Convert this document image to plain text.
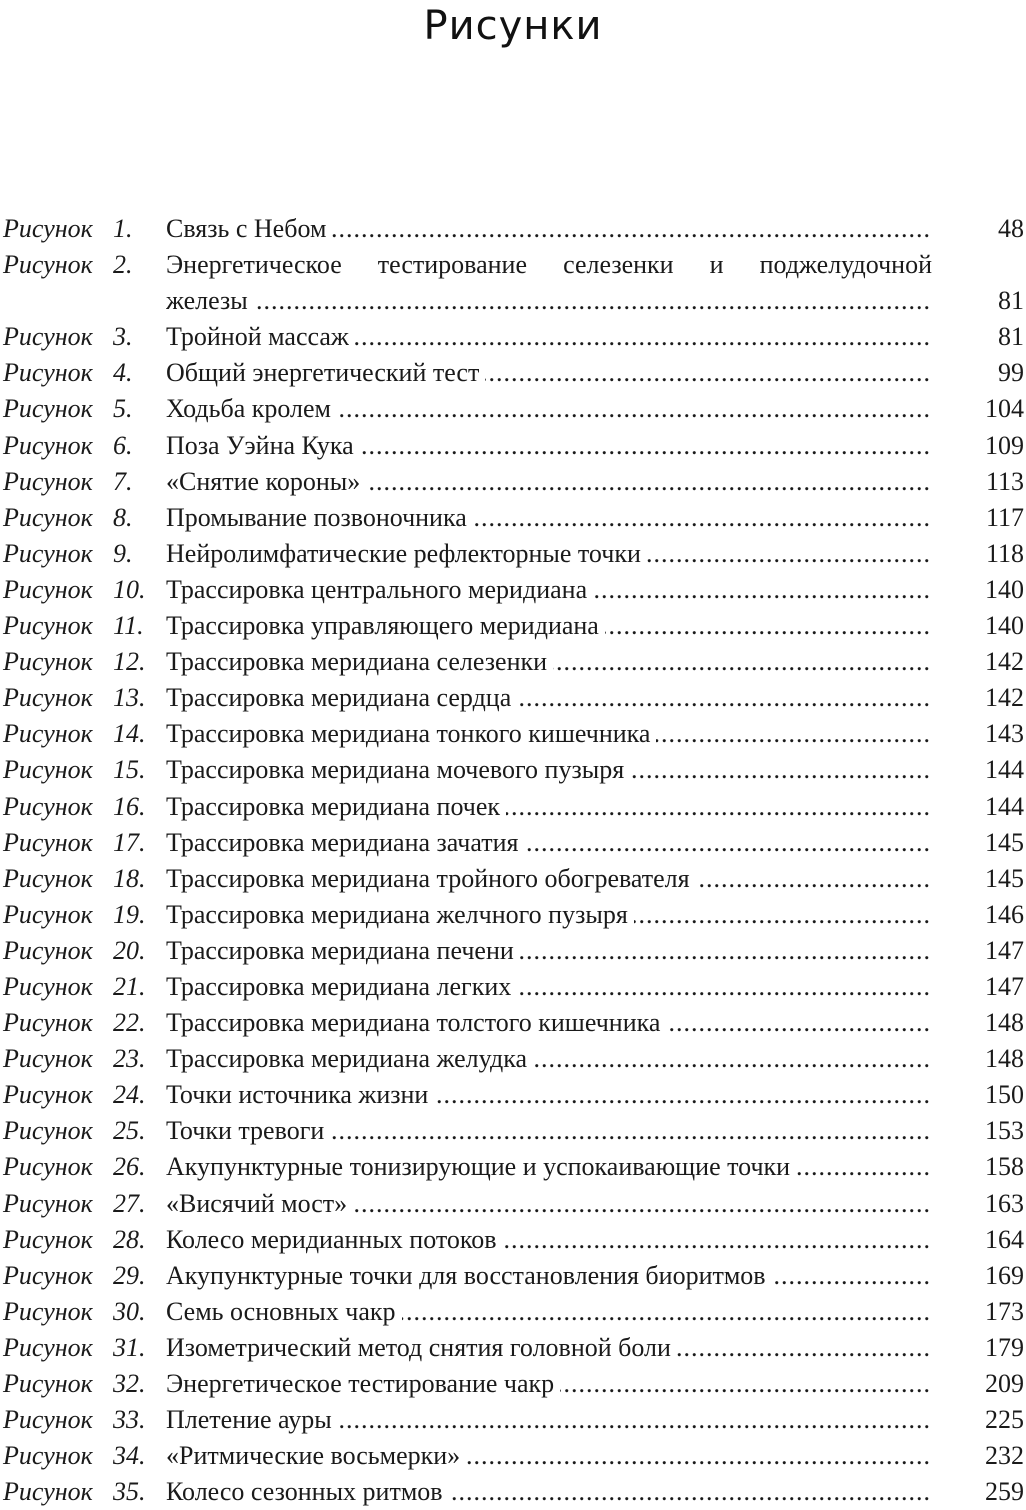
Рисунки
Рисунок 1.	Связь с Небом .....	48
Рисунок 2.	Энергетическое тестирование селезенки и поджелудочной
железы .....	81
Рисунок 3.	Тройной массаж .....	81
Рисунок 4.	Общий энергетический тест .....	99
Рисунок 5.	Ходьба кролем .....	104
Рисунок 6.	Поза Уэйна Кука .....	109
Рисунок 7.	«Снятие короны» .....	113
Рисунок 8.	Промывание позвоночника .....	117
Рисунок 9.	Нейролимфатические рефлекторные точки .....	118
Рисунок 10. Трассировка центрального меридиана .....	140
Рисунок 11. Трассировка управляющего меридиана .....	140
Рисунок 12. Трассировка меридиана селезенки .....	142
Рисунок 13. Трассировка меридиана сердца .....	142
Рисунок 14. Трассировка меридиана тонкого кишечника .....	143
Рисунок 15. Трассировка меридиана мочевого пузыря .....	144
Рисунок 16. Трассировка меридиана почек .....	144
Рисунок 17. Трассировка меридиана зачатия .....	145
Рисунок 18. Трассировка меридиана тройного обогревателя .....	145
Рисунок 19. Трассировка меридиана желчного пузыря .....	146
Рисунок 20. Трассировка меридиана печени .....	147
Рисунок 21. Трассировка меридиана легких .....	147
Рисунок 22. Трассировка меридиана толстого кишечника .....	148
Рисунок 23. Трассировка меридиана желудка .....	148
Рисунок 24. Точки источника жизни .....	150
Рисунок 25. Точки тревоги .....	153
Рисунок 26. Акупунктурные тонизирующие и успокаивающие точки .....	158
Рисунок 27. «Висячий мост» .....	163
Рисунок 28. Колесо меридианных потоков .....	164
Рисунок 29. Акупунктурные точки для восстановления биоритмов .....	169
Рисунок 30. Семь основных чакр .....	173
Рисунок 31. Изометрический метод снятия головной боли .....	179
Рисунок 32. Энергетическое тестирование чакр .....	209
Рисунок 33. Плетение ауры .....	225
Рисунок 34. «Ритмические восьмерки» .....	232
Рисунок 35. Колесо сезонных ритмов .....	259
